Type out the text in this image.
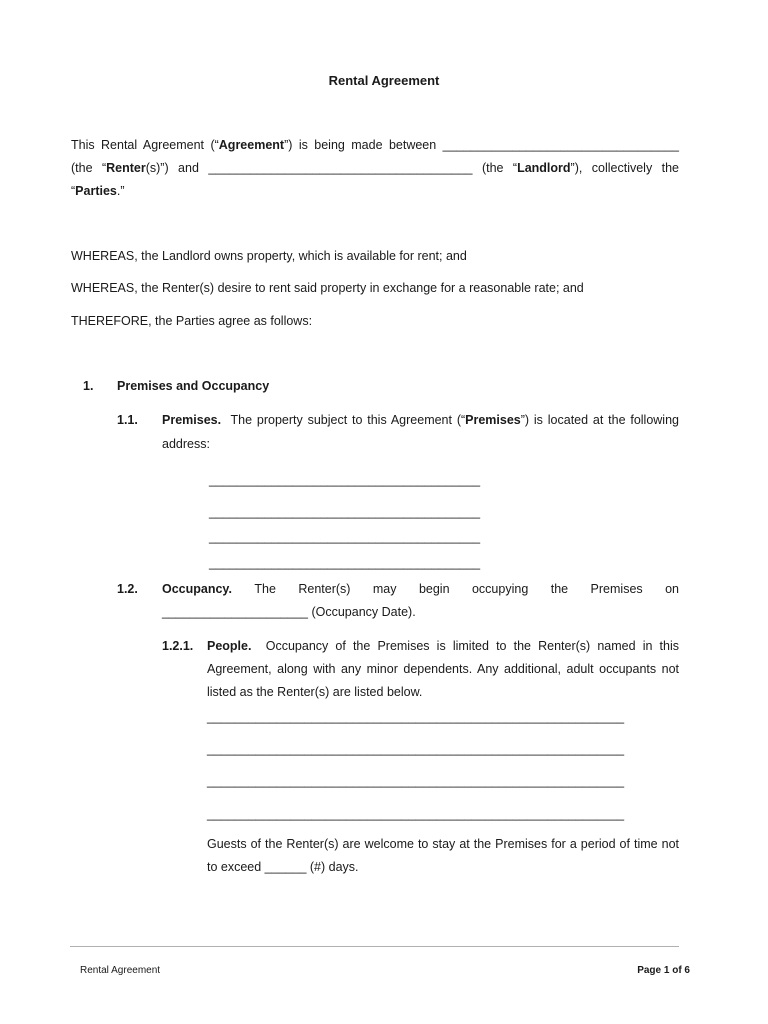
Rental Agreement
This Rental Agreement (“Agreement”) is being made between __________________________________
(the “Renter(s)”) and ______________________________________ (the “Landlord”), collectively the
“Parties.”
WHEREAS, the Landlord owns property, which is available for rent; and
WHEREAS, the Renter(s) desire to rent said property in exchange for a reasonable rate; and
THEREFORE, the Parties agree as follows:
1. Premises and Occupancy
1.1. Premises. The property subject to this Agreement (“Premises”) is located at the following
address:
_______________________________________
_______________________________________
_______________________________________
_______________________________________
1.2. Occupancy. The Renter(s) may begin occupying the Premises on
_____________________ (Occupancy Date).
1.2.1. People. Occupancy of the Premises is limited to the Renter(s) named in this
Agreement, along with any minor dependents. Any additional, adult occupants not
listed as the Renter(s) are listed below.
____________________________________________________________
____________________________________________________________
____________________________________________________________
____________________________________________________________
Guests of the Renter(s) are welcome to stay at the Premises for a period of time not
to exceed ______ (#) days.
Rental Agreement	Page 1 of 6
